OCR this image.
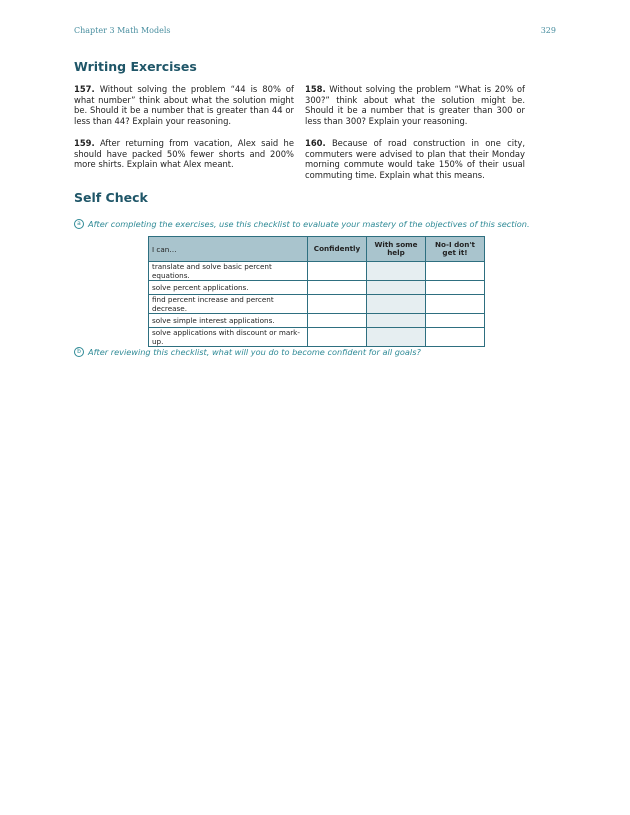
Chapter 3 Math Models	329
Writing Exercises

157. Without solving the problem “44 is 80% of what number” think about what the solution might be. Should it be a number that is greater than 44 or less than 44? Explain your reasoning.

158. Without solving the problem “What is 20% of 300?” think about what the solution might be. Should it be a number that is greater than 300 or less than 300? Explain your reasoning.

159. After returning from vacation, Alex said he should have packed 50% fewer shorts and 200% more shirts. Explain what Alex meant.

160. Because of road construction in one city, commuters were advised to plan that their Monday morning commute would take 150% of their usual commuting time. Explain what this means.

Self Check
a After completing the exercises, use this checklist to evaluate your mastery of the objectives of this section.
I can…	Confidently	With some help	No-I don't get it!
translate and solve basic percent equations.			
solve percent applications.			
find percent increase and percent decrease.			
solve simple interest applications.			
solve applications with discount or mark-up.			
b After reviewing this checklist, what will you do to become confident for all goals?
